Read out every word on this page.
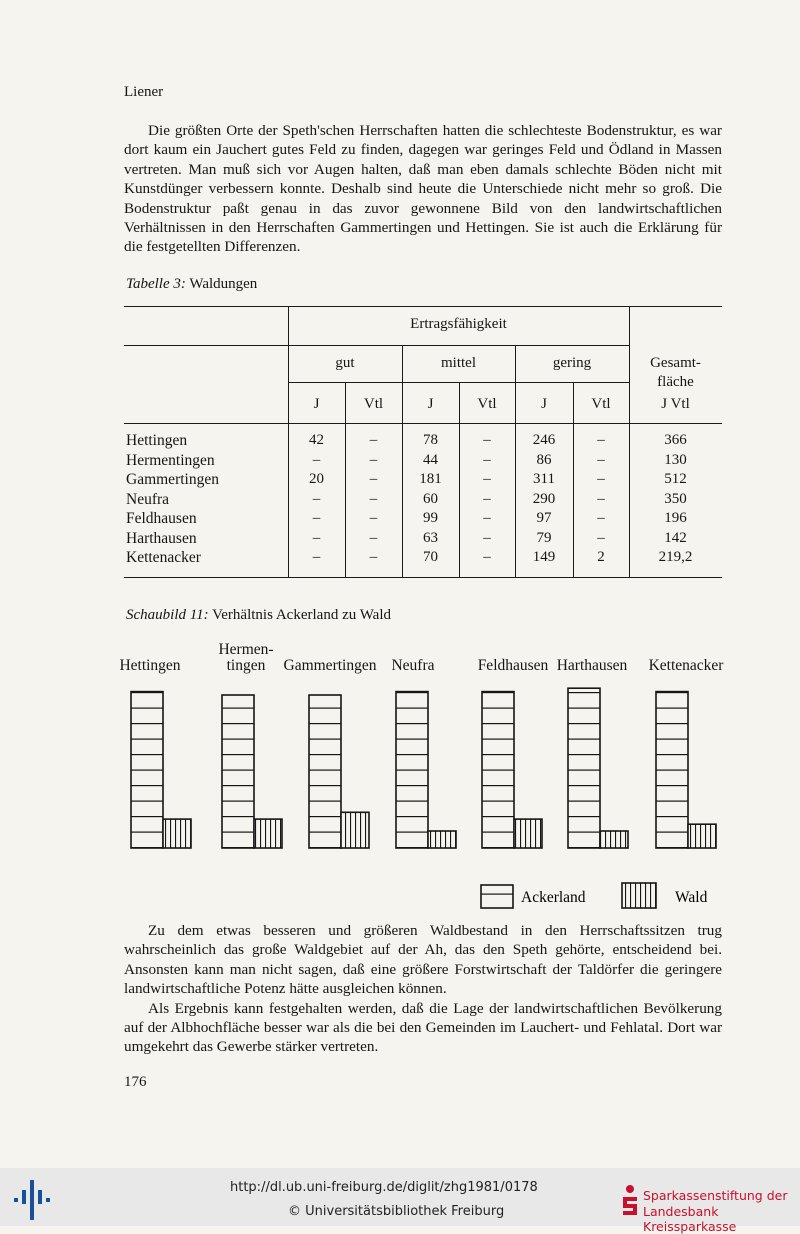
Liener

Die größten Orte der Speth'schen Herrschaften hatten die schlechteste Bodenstruktur, es war dort kaum ein Jauchert gutes Feld zu finden, dagegen war geringes Feld und Ödland in Massen vertreten. Man muß sich vor Augen halten, daß man eben damals schlechte Böden nicht mit Kunstdünger verbessern konnte. Deshalb sind heute die Unterschiede nicht mehr so groß. Die Bodenstruktur paßt genau in das zuvor gewonnene Bild von den landwirtschaftlichen Verhältnissen in den Herrschaften Gammertingen und Hettingen. Sie ist auch die Erklärung für die festgetellten Differenzen.

Tabelle 3: Waldungen
Ertragsfähigkeit
gut	mittel	gering	Gesamt-
fläche
J	Vtl	J	Vtl	J	Vtl	J Vtl
Hettingen	42	–	78	–	246	–	366
Hermentingen	–	–	44	–	86	–	130
Gammertingen	20	–	181	–	311	–	512
Neufra	–	–	60	–	290	–	350
Feldhausen	–	–	99	–	97	–	196
Harthausen	–	–	63	–	79	–	142
Kettenacker	–	–	70	–	149	2	219,2
Schaubild 11: Verhältnis Ackerland zu Wald
Hettingen
Hermen-
tingen Gammertingen Neufra	Feldhausen Harthausen Kettenacker
Ackerland	Wald

Zu dem etwas besseren und größeren Waldbestand in den Herrschaftssitzen trug wahrscheinlich das große Waldgebiet auf der Ah, das den Speth gehörte, entscheidend bei. Ansonsten kann man nicht sagen, daß eine größere Forstwirtschaft der Taldörfer die geringere landwirtschaftliche Potenz hätte ausgleichen können.

Als Ergebnis kann festgehalten werden, daß die Lage der landwirtschaftlichen Bevölkerung auf der Albhochfläche besser war als die bei den Gemeinden im Lauchert- und Fehlatal. Dort war umgekehrt das Gewerbe stärker vertreten.

176
http://dl.ub.uni-freiburg.de/diglit/zhg1981/0178
© Universitätsbibliothek Freiburg
Sparkassenstiftung der
Landesbank Kreissparkasse
